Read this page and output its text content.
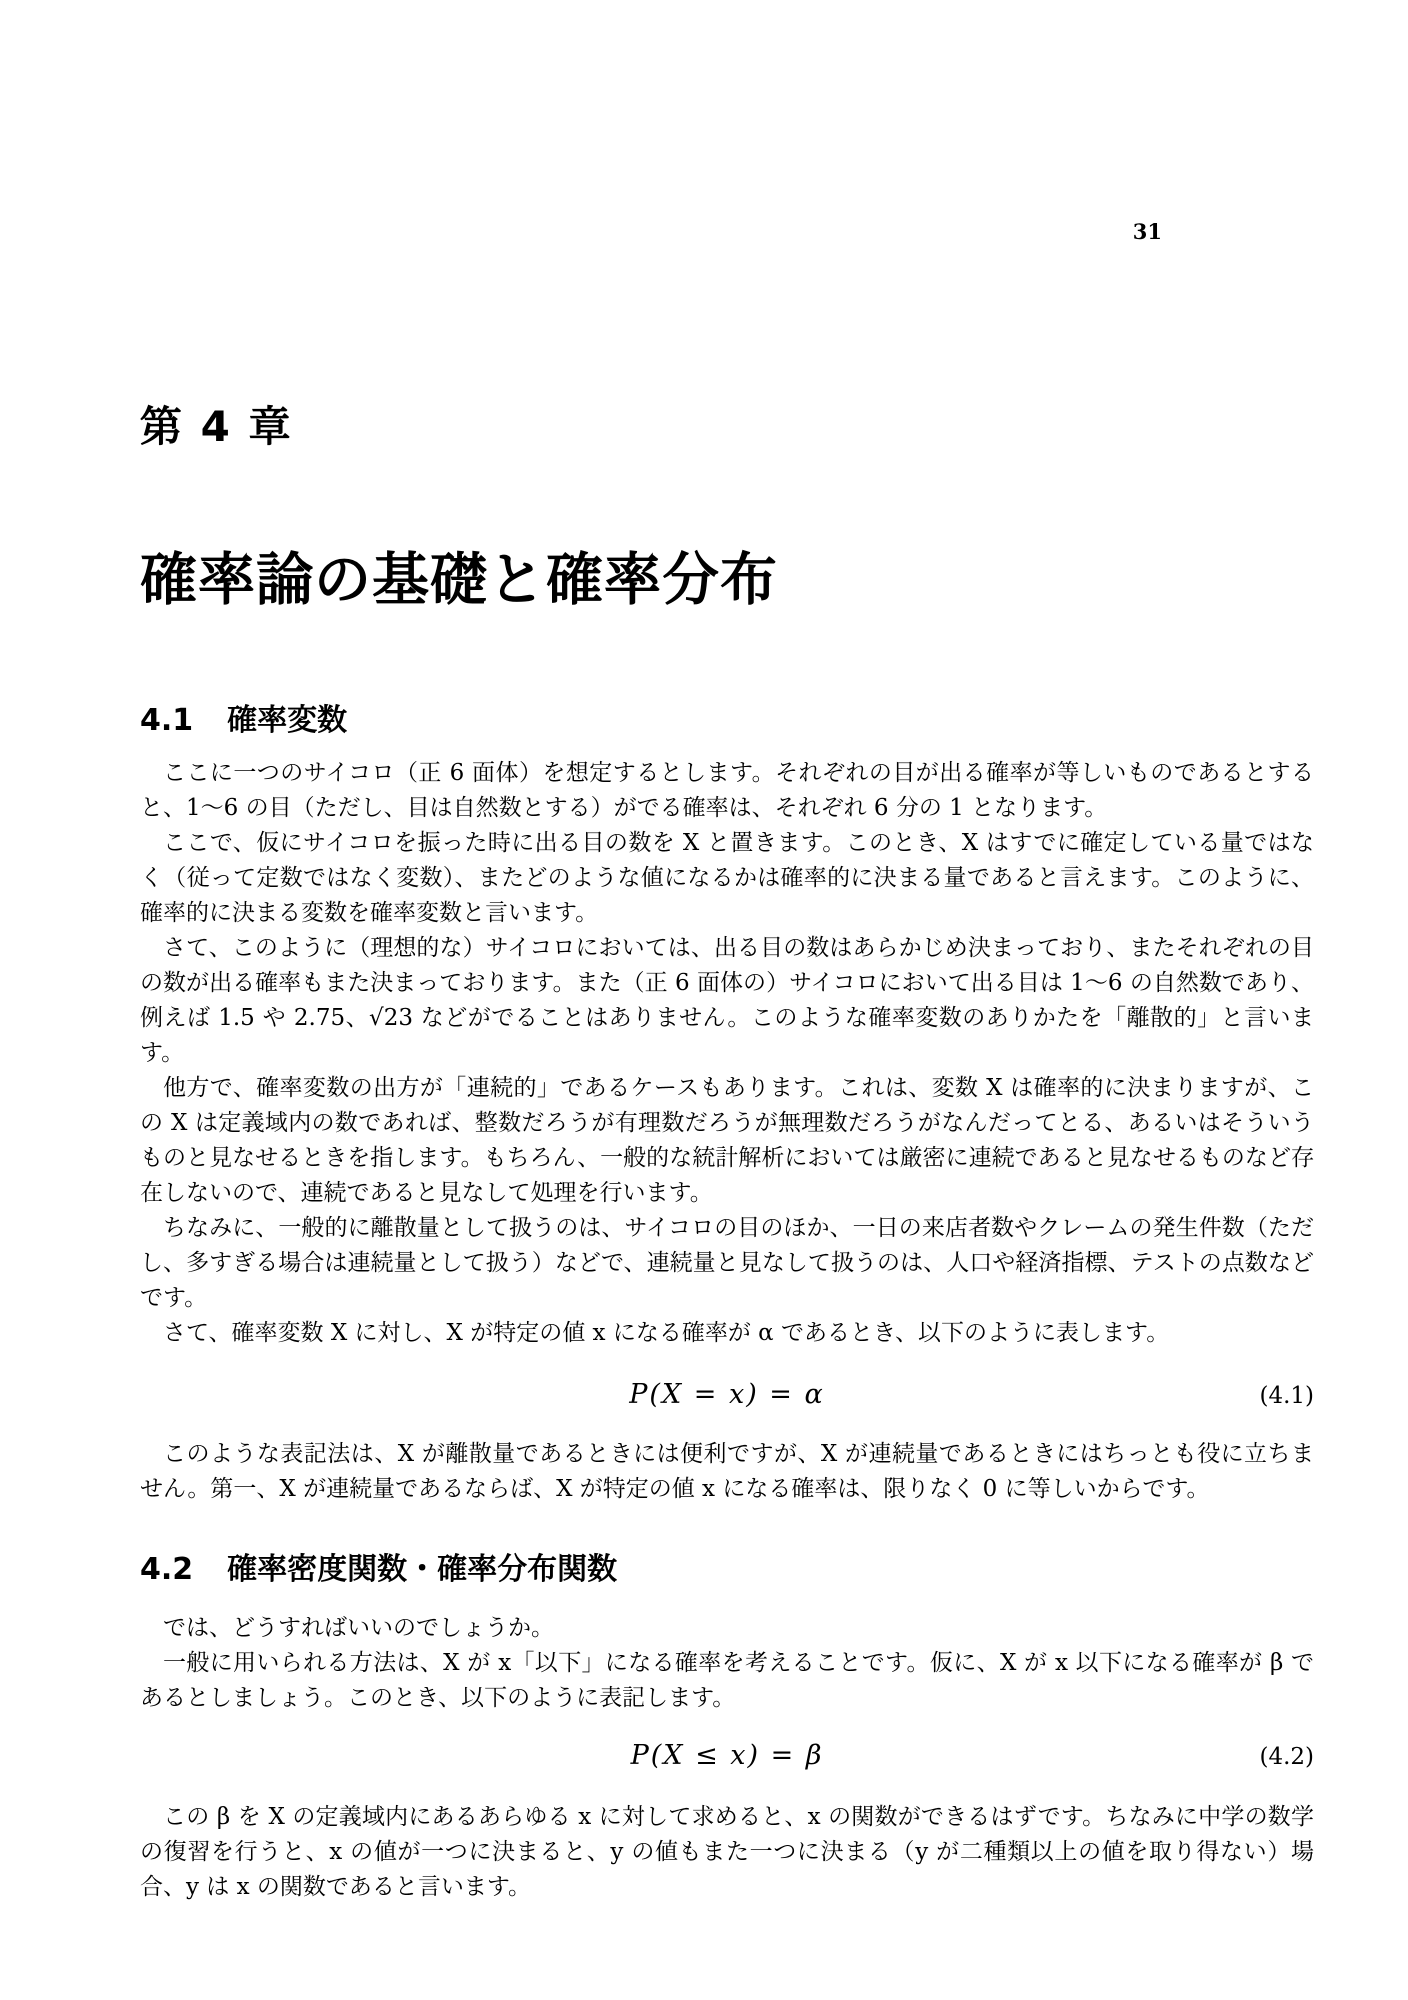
31
第 4 章
確率論の基礎と確率分布
4.1 確率変数

ここに一つのサイコロ（正 6 面体）を想定するとします。それぞれの目が出る確率が等しいものであるとすると、1〜6 の目（ただし、目は自然数とする）がでる確率は、それぞれ 6 分の 1 となります。

ここで、仮にサイコロを振った時に出る目の数を X と置きます。このとき、X はすでに確定している量ではなく（従って定数ではなく変数）、またどのような値になるかは確率的に決まる量であると言えます。このように、確率的に決まる変数を確率変数と言います。

さて、このように（理想的な）サイコロにおいては、出る目の数はあらかじめ決まっており、またそれぞれの目の数が出る確率もまた決まっております。また（正 6 面体の）サイコロにおいて出る目は 1〜6 の自然数であり、例えば 1.5 や 2.75、√23 などがでることはありません。このような確率変数のありかたを「離散的」と言います。

他方で、確率変数の出方が「連続的」であるケースもあります。これは、変数 X は確率的に決まりますが、この X は定義域内の数であれば、整数だろうが有理数だろうが無理数だろうがなんだってとる、あるいはそういうものと見なせるときを指します。もちろん、一般的な統計解析においては厳密に連続であると見なせるものなど存在しないので、連続であると見なして処理を行います。

ちなみに、一般的に離散量として扱うのは、サイコロの目のほか、一日の来店者数やクレームの発生件数（ただし、多すぎる場合は連続量として扱う）などで、連続量と見なして扱うのは、人口や経済指標、テストの点数などです。

さて、確率変数 X に対し、X が特定の値 x になる確率が α であるとき、以下のように表します。

P(X = x) = α	(4.1)

このような表記法は、X が離散量であるときには便利ですが、X が連続量であるときにはちっとも役に立ちません。第一、X が連続量であるならば、X が特定の値 x になる確率は、限りなく 0 に等しいからです。

4.2 確率密度関数・確率分布関数

では、どうすればいいのでしょうか。

一般に用いられる方法は、X が x「以下」になる確率を考えることです。仮に、X が x 以下になる確率が β であるとしましょう。このとき、以下のように表記します。

P(X ≤ x) = β	(4.2)

この β を X の定義域内にあるあらゆる x に対して求めると、x の関数ができるはずです。ちなみに中学の数学の復習を行うと、x の値が一つに決まると、y の値もまた一つに決まる（y が二種類以上の値を取り得ない）場合、y は x の関数であると言います。
